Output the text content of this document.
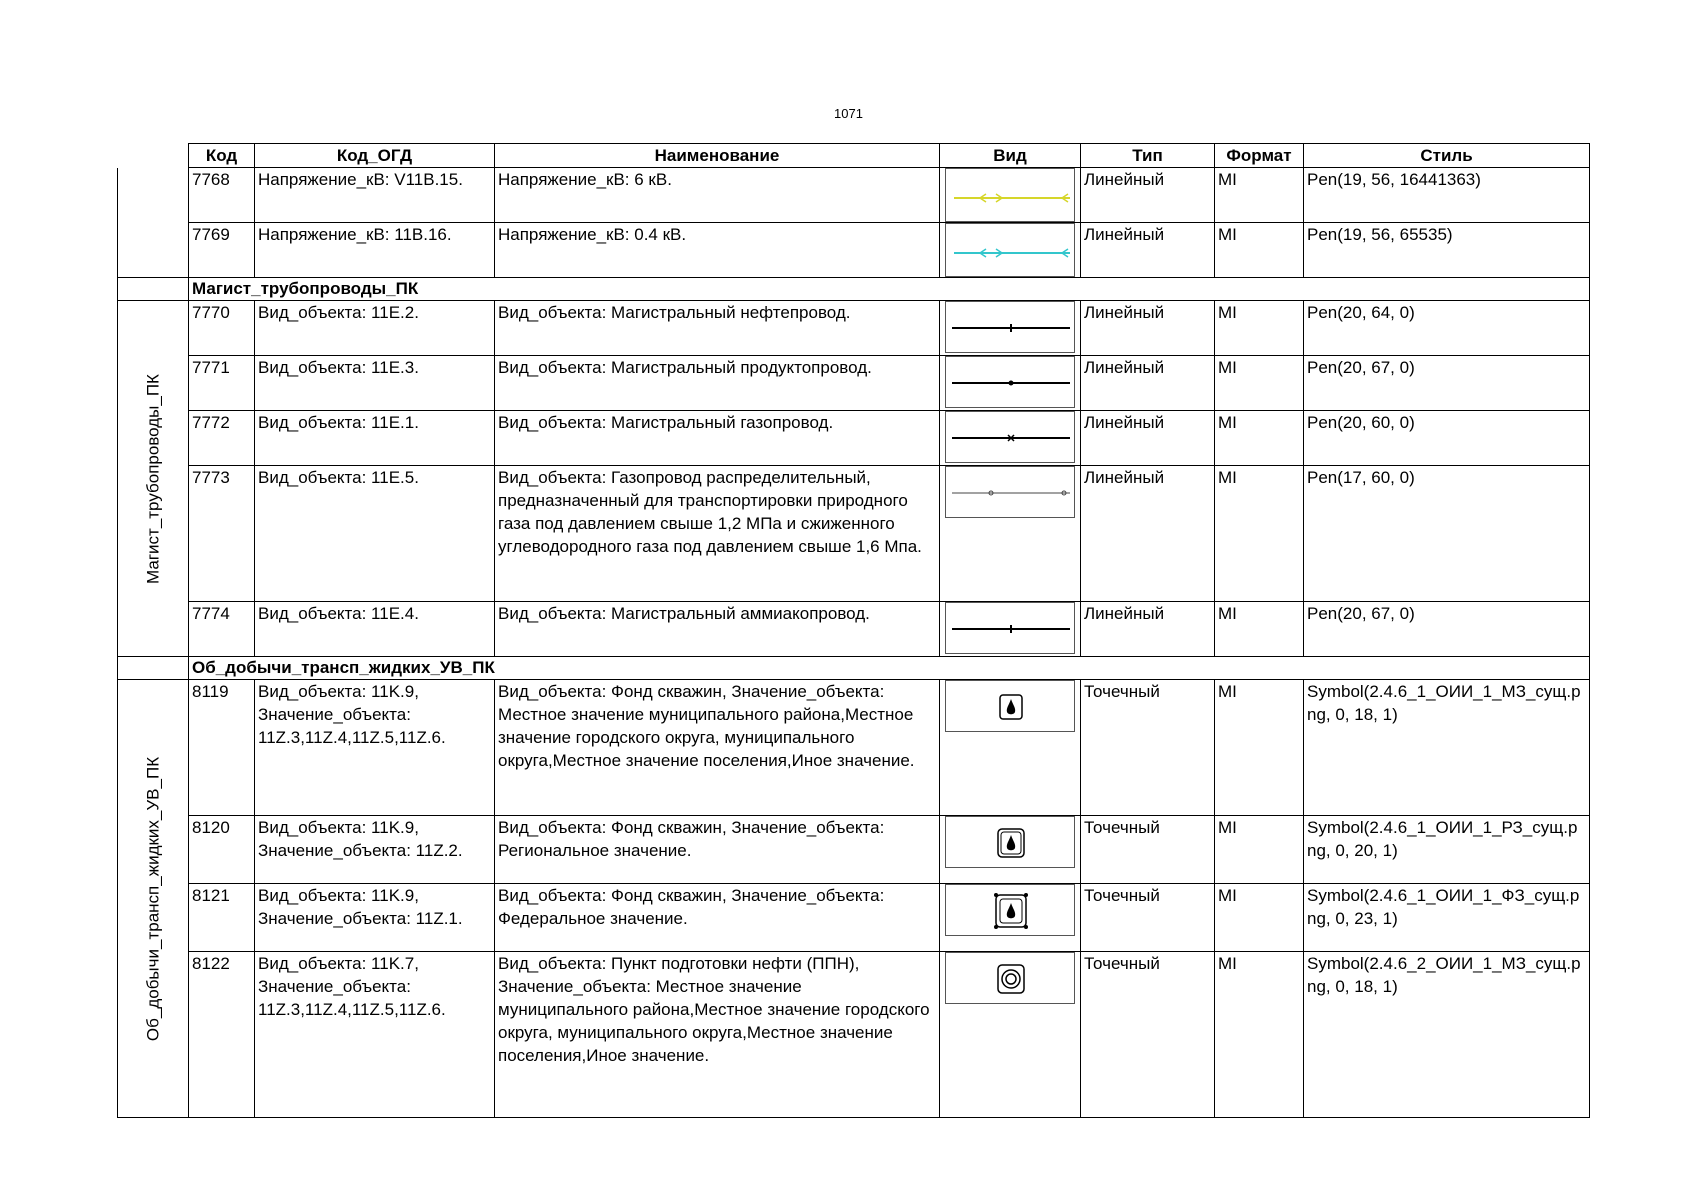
1071
	Код	Код_ОГД	Наименование	Вид	Тип	Формат	Стиль
	7768	Напряжение_кВ: V11B.15.	Напряжение_кВ: 6 кВ.		Линейный	MI	Pen(19, 56, 16441363)
	7769	Напряжение_кВ: 11B.16.	Напряжение_кВ: 0.4 кВ.		Линейный	MI	Pen(19, 56, 65535)
	Магист_трубопроводы_ПК						

Магист_трубопроводы_ПК	7770	Вид_объекта: 11E.2.	Вид_объекта: Магистральный нефтепровод.		Линейный	MI	Pen(20, 64, 0)
	7771	Вид_объекта: 11E.3.	Вид_объекта: Магистральный продуктопровод.		Линейный	MI	Pen(20, 67, 0)
	7772	Вид_объекта: 11E.1.	Вид_объекта: Магистральный газопровод.		Линейный	MI	Pen(20, 60, 0)
	7773	Вид_объекта: 11E.5.	Вид_объекта: Газопровод распределительный, предназначенный для транспортировки природного газа под давлением свыше 1,2 МПа и сжиженного углеводородного газа под давлением свыше 1,6 Мпа.		Линейный	MI	Pen(17, 60, 0)
	7774	Вид_объекта: 11E.4.	Вид_объекта: Магистральный аммиакопровод.		Линейный	MI	Pen(20, 67, 0)
	Об_добычи_трансп_жидких_УВ_ПК						

Об_добычи_трансп_жидких_УВ_ПК	8119	Вид_объекта: 11K.9, Значение_объекта: 11Z.3,11Z.4,11Z.5,11Z.6.	Вид_объекта: Фонд скважин, Значение_объекта: Местное значение муниципального района,Местное значение городского округа, муниципального округа,Местное значение поселения,Иное значение.		Точечный	MI	Symbol(2.4.6_1_ОИИ_1_МЗ_сущ.png, 0, 18, 1)
	8120	Вид_объекта: 11K.9, Значение_объекта: 11Z.2.	Вид_объекта: Фонд скважин, Значение_объекта: Региональное значение.		Точечный	MI	Symbol(2.4.6_1_ОИИ_1_РЗ_сущ.png, 0, 20, 1)
	8121	Вид_объекта: 11K.9, Значение_объекта: 11Z.1.	Вид_объекта: Фонд скважин, Значение_объекта: Федеральное значение.		Точечный	MI	Symbol(2.4.6_1_ОИИ_1_ФЗ_сущ.png, 0, 23, 1)
	8122	Вид_объекта: 11K.7, Значение_объекта: 11Z.3,11Z.4,11Z.5,11Z.6.	Вид_объекта: Пункт подготовки нефти (ППН), Значение_объекта: Местное значение муниципального района,Местное значение городского округа, муниципального округа,Местное значение поселения,Иное значение.		Точечный	MI	Symbol(2.4.6_2_ОИИ_1_МЗ_сущ.png, 0, 18, 1)
